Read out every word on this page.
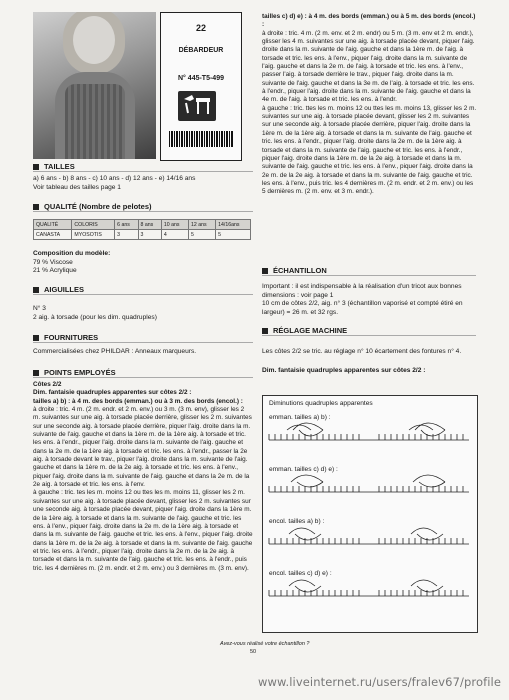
22
DÉBARDEUR
N° 445-T5-499
TAILLES
a) 6 ans - b) 8 ans - c) 10 ans - d) 12 ans - e) 14/16 ans
Voir tableau des tailles page 1
QUALITÉ (Nombre de pelotes)
QUALITÉ	COLORIS	6 ans	8 ans	10 ans	12 ans	14/16ans
CANASTA	MYOSOTIS	3	3	4	5	5
Composition du modèle:
79 % Viscose
21 % Acrylique
AIGUILLES
N° 3
2 aig. à torsade (pour les dim. quadruples)
FOURNITURES
Commercialisées chez PHILDAR : Anneaux marqueurs.
POINTS EMPLOYÉS
Côtes 2/2
Dim. fantaisie quadruples apparentes sur côtes 2/2 :
tailles a) b) : à 4 m. des bords (emman.) ou à 3 m. des bords (encol.) :
à droite : tric. 4 m. (2 m. endr. et 2 m. env.) ou 3 m. (3 m. env), glisser les 2 m. suivantes sur une aig. à torsade placée derrière, glisser les 2 m. suivantes sur une seconde aig. à torsade placée derrière, piquer l'aig. droite dans la m. suivante de l'aig. gauche et dans la 1ère m. de la 1ère aig. à torsade et tric. les ens. à l'endr., piquer l'aig. droite dans la m. suivante de l'aig. gauche et dans la 2e m. de la 1ère aig. à torsade et tric. les ens. à l'endr., passer la 2e aig. à torsade devant le trav., piquer l'aig. droite dans la m. suivante de l'aig. gauche et dans la 1ère m. de la 2e aig. à torsade et tric. les ens. à l'env., piquer l'aig. droite dans la m. suivante de l'aig. gauche et dans la 2e m. de la 2e aig. à torsade et tric. les ens. à l'env.
à gauche : tric. tes les m. moins 12 ou ttes les m. moins 11, glisser les 2 m. suivantes sur une aig. à torsade placée devant, glisser les 2 m. suivantes sur une seconde aig. à torsade placée devant, piquer l'aig. droite dans la 1ère m. de la 1ère aig. à torsade et dans la m. suivante de l'aig. gauche et tric. les ens. à l'env., piquer l'aig. droite dans la 2e m. de la 1ère aig. à torsade et dans la m. suivante de l'aig. gauche et tric. les ens. à l'env., piquer l'aig. droite dans la 1ère m. de la 2e aig. à torsade et dans la m. suivante de l'aig. gauche et tric. les ens. à l'endr., piquer l'aig. droite dans la 2e m. de la 2e aig. à torsade et dans la m. suivante de l'aig. gauche et tric. les ens. à l'endr., puis tric. les 4 dernières m. (2 m. endr. et 2 m. env.) ou 3 dernières m. (3 m. env).
tailles c) d) e) : à 4 m. des bords (emman.) ou à 5 m. des bords (encol.) :
à droite : tric. 4 m. (2 m. env. et 2 m. endr) ou 5 m. (3 m. env et 2 m. endr.), glisser les 4 m. suivantes sur une aig. à torsade placée devant, piquer l'aig. droite dans la m. suivante de l'aig. gauche et dans la 1ère m. de l'aig. à torsade et tric. les ens. à l'env., piquer l'aig. droite dans la m. suivante de l'aig. gauche et dans la 2e m. de l'aig. à torsade et tric. les ens. à l'env., passer l'aig. à torsade derrière le trav., piquer l'aig. droite dans la m. suivante de l'aig. gauche et dans la 3e m. de l'aig. à torsade et tric. les ens. à l'endr., piquer l'aig. droite dans la m. suivante de l'aig. gauche et dans la 4e m. de l'aig. à torsade et tric. les ens. à l'endr.
à gauche : tric. ttes les m. moins 12 ou ttes les m. moins 13, glisser les 2 m. suivantes sur une aig. à torsade placée devant, glisser les 2 m. suivantes sur une seconde aig. à torsade placée derrière, piquer l'aig. droite dans la 1ère m. de la 1ère aig. à torsade et dans la m. suivante de l'aig. gauche et tric. les ens. à l'endr., piquer l'aig. droite dans la 2e m. de la 1ère aig. à torsade et dans la m. suivante de l'aig. gauche et tric. les ens. à l'endr., piquer l'aig. droite dans la 1ère m. de la 2e aig. à torsade et dans la m. suivante de l'aig. gauche et tric. les ens. à l'env., piquer l'aig. droite dans la 2e m. de la 2e aig. à torsade et dans la m. suivante de l'aig. gauche et tric. les ens. à l'env., puis tric. les 4 dernières m. (2 m. endr. et 2 m. env.) ou les 5 dernières m. (2 m. env. et 3 m. endr.).
ÉCHANTILLON
Important : il est indispensable à la réalisation d'un tricot aux bonnes dimensions : voir page 1
10 cm de côtes 2/2, aig. n° 3 (échantillon vaporisé et compté étiré en largeur) = 26 m. et 32 rgs.
RÉGLAGE MACHINE
Les côtes 2/2 se tric. au réglage n° 10 écartement des fontures n° 4.
Dim. fantaisie quadruples apparentes sur côtes 2/2 :
Diminutions quadruples apparentes
emman. tailles a) b) :
emman. tailles c) d) e) :
encol. tailles a) b) :
encol. tailles c) d) e) :
Avez-vous réalisé votre échantillon ?
50
www.liveinternet.ru/users/fralev67/profile
